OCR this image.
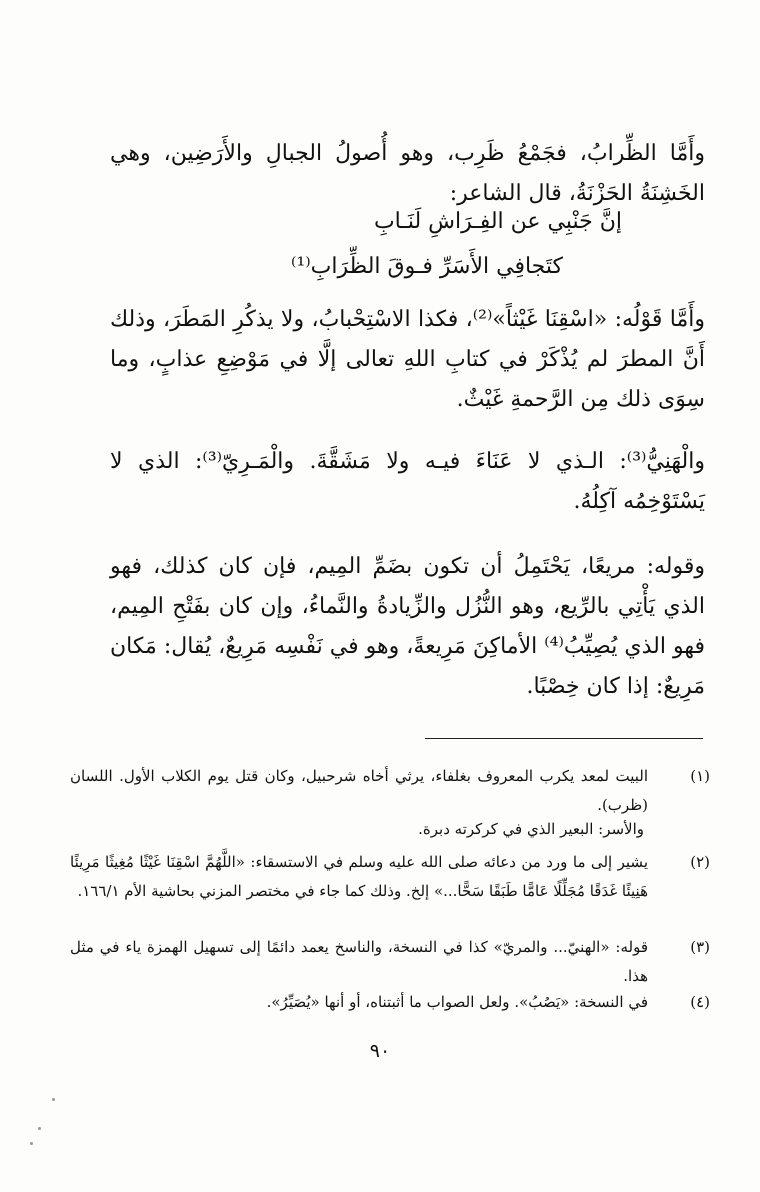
وأَمَّا الظِّرابُ، فجَمْعُ ظَرِب، وهو أُصولُ الجبالِ والأَرَضِين، وهي الخَشِنَةُ الحَزْنَةُ، قال الشاعر:

إنَّ جَنْبِي عن الفِـرَاشِ لَنَـابِ
كتَجافِي الأَسَرِّ فـوقَ الظِّرَابِ⁽¹⁾

وأَمَّا قَوْلُه: «اسْقِنَا غَيْثاً»⁽²⁾، فكذا الاسْتِحْبابُ، ولا يذكُرِ المَطَرَ، وذلك أَنَّ المطرَ لم يُذْكَرْ في كتابِ اللهِ تعالى إلَّا في مَوْضِعِ عذابٍ، وما سِوَى ذلك مِن الرَّحمةِ غَيْثٌ.

والْهَنِيُّ⁽³⁾: الـذي لا عَنَاءَ فيـه ولا مَشَقَّةَ. والْمَـرِيّ⁽³⁾: الذي لا يَسْتَوْخِمُه آكِلُهُ.

وقوله: مريعًا، يَحْتَمِلُ أن تكون بضَمِّ المِيم، فإن كان كذلك، فهو الذي يَأْتِي بالرِّيع، وهو النُّزُل والزِّيادةُ والنَّماءُ، وإن كان بفَتْحِ المِيم، فهو الذي يُصِيِّبُ⁽⁴⁾ الأماكِنَ مَرِيعةً، وهو في نَفْسِه مَرِيعٌ، يُقال: مَكان مَرِيعٌ: إذا كان خِصْبًا.

(١)
البيت لمعد يكرب المعروف بغلفاء، يرثي أخاه شرحبيل، وكان قتل يوم الكلاب الأول. اللسان (ظرب).
والأسر: البعير الذي في كركرته دبرة.
(٢)
يشير إلى ما ورد من دعائه صلى الله عليه وسلم في الاستسقاء: «اللَّهُمَّ اسْقِنَا غَيْثًا مُغِيثًا مَرِيئًا هَنِيئًا غَدَقًا مُجَلِّلًا عَامًّا طَبَقًا سَحًّا...» إلخ. وذلك كما جاء في مختصر المزني بحاشية الأم ١٦٦/١.
(٣)
قوله: «الهنيّ... والمريّ» كذا في النسخة، والناسخ يعمد دائمًا إلى تسهيل الهمزة ياء في مثل هذا.
(٤)
في النسخة: «يَصُبُ». ولعل الصواب ما أثبتناه، أو أنها «يُصَيِّرُ».
٩٠
